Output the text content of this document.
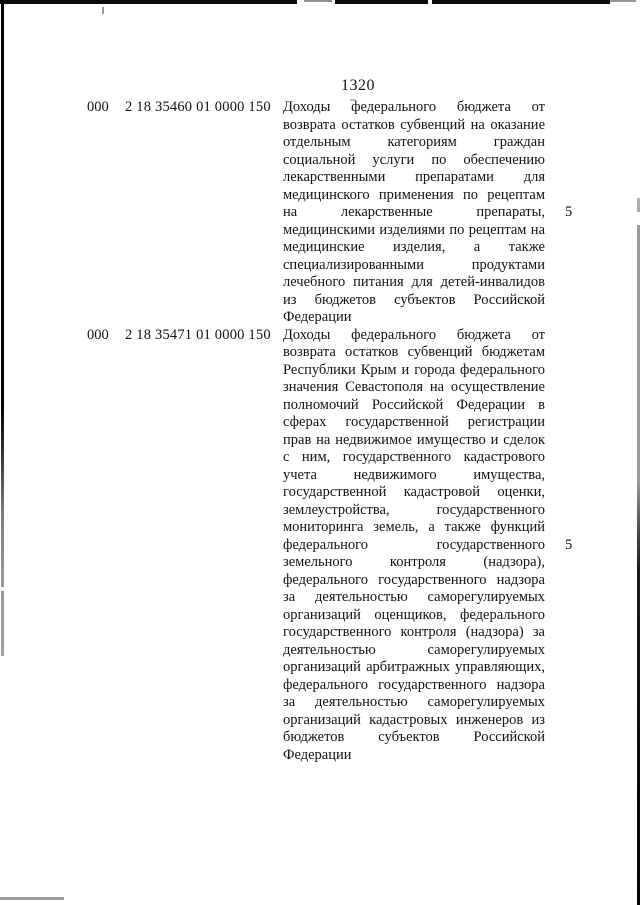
1320
000	2 18 35460 01 0000 150 Доходы федерального бюджета от возврата остатков субвенций на оказание отдельным категориям граждан социальной услуги по обеспечению лекарственными препаратами для медицинского применения по рецептам на лекарственные препараты, медицинскими изделиями по рецептам на медицинские изделия, а также специализированными продуктами лечебного питания для детей-инвалидов из бюджетов субъектов Российской Федерации
5
000	2 18 35471 01 0000 150 Доходы федерального бюджета от возврата остатков субвенций бюджетам Республики Крым и города федерального значения Севастополя на осуществление полномочий Российской Федерации в сферах государственной регистрации прав на недвижимое имущество и сделок с ним, государственного кадастрового учета недвижимого имущества, государственной кадастровой оценки, землеустройства, государственного мониторинга земель, а также функций федерального государственного земельного контроля (надзора), федерального государственного надзора за деятельностью саморегулируемых организаций оценщиков, федерального государственного контроля (надзора) за деятельностью саморегулируемых организаций арбитражных управляющих, федерального государственного надзора за деятельностью саморегулируемых организаций кадастровых инженеров из бюджетов субъектов Российской Федерации
5
